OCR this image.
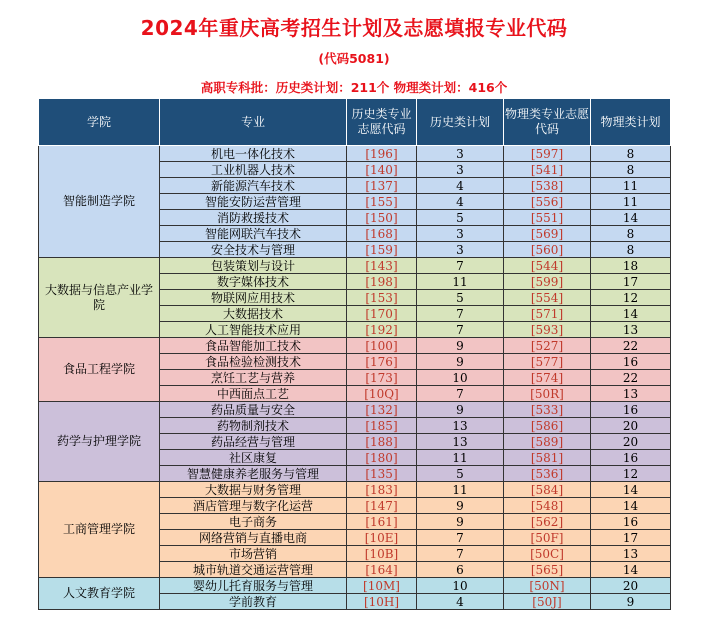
2024年重庆高考招生计划及志愿填报专业代码
(代码5081)
高职专科批：历史类计划：211个 物理类计划：416个
学院	专业	历史类专业志愿代码	历史类计划	物理类专业志愿代码	物理类计划
智能制造学院	机电一体化技术	[196]	3	[597]	8
	工业机器人技术	[140]	3	[541]	8
	新能源汽车技术	[137]	4	[538]	11
	智能安防运营管理	[155]	4	[556]	11
	消防救援技术	[150]	5	[551]	14
	智能网联汽车技术	[168]	3	[569]	8
	安全技术与管理	[159]	3	[560]	8
大数据与信息产业学院	包装策划与设计	[143]	7	[544]	18
	数字媒体技术	[198]	11	[599]	17
	物联网应用技术	[153]	5	[554]	12
	大数据技术	[170]	7	[571]	14
	人工智能技术应用	[192]	7	[593]	13
食品工程学院	食品智能加工技术	[100]	9	[527]	22
	食品检验检测技术	[176]	9	[577]	16
	烹饪工艺与营养	[173]	10	[574]	22
	中西面点工艺	[10Q]	7	[50R]	13
药学与护理学院	药品质量与安全	[132]	9	[533]	16
	药物制剂技术	[185]	13	[586]	20
	药品经营与管理	[188]	13	[589]	20
	社区康复	[180]	11	[581]	16
	智慧健康养老服务与管理	[135]	5	[536]	12
工商管理学院	大数据与财务管理	[183]	11	[584]	14
	酒店管理与数字化运营	[147]	9	[548]	14
	电子商务	[161]	9	[562]	16
	网络营销与直播电商	[10E]	7	[50F]	17
	市场营销	[10B]	7	[50C]	13
	城市轨道交通运营管理	[164]	6	[565]	14
人文教育学院	婴幼儿托育服务与管理	[10M]	10	[50N]	20
	学前教育	[10H]	4	[50J]	9
